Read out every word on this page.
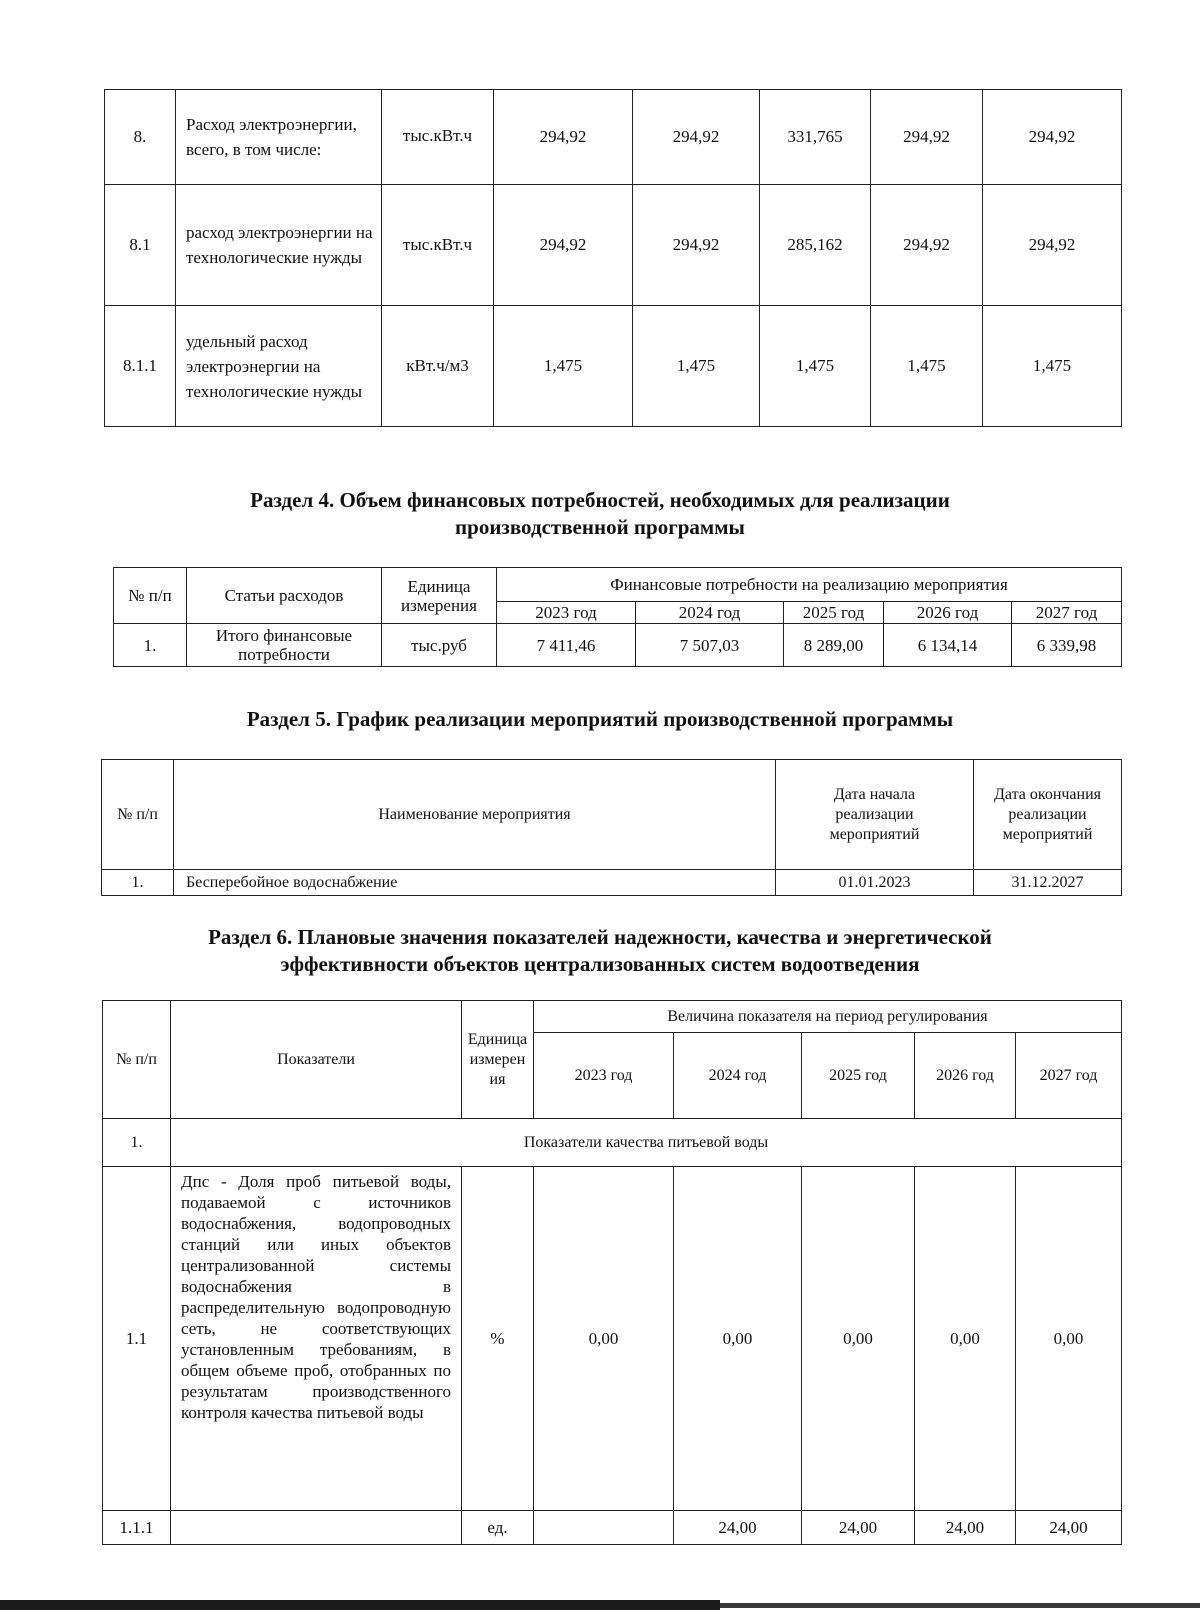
8.	Расход электроэнергии, всего, в том числе:	тыс.кВт.ч	294,92	294,92	331,765	294,92	294,92
8.1	расход электроэнергии на технологические нужды	тыс.кВт.ч	294,92	294,92	285,162	294,92	294,92
8.1.1	удельный расход электроэнергии на технологические нужды	кВт.ч/м3	1,475	1,475	1,475	1,475	1,475
Раздел 4. Объем финансовых потребностей, необходимых для реализации
производственной программы
№ п/п	Статьи расходов	Единица измерения	Финансовые потребности на реализацию мероприятия				
			2023 год	2024 год	2025 год	2026 год	2027 год
1.	Итого финансовые потребности	тыс.руб	7 411,46	7 507,03	8 289,00	6 134,14	6 339,98
Раздел 5. График реализации мероприятий производственной программы
№ п/п	Наименование мероприятия	Дата начала реализации мероприятий	Дата окончания реализации мероприятий
1.	Бесперебойное водоснабжение	01.01.2023	31.12.2027
Раздел 6. Плановые значения показателей надежности, качества и энергетической
эффективности объектов централизованных систем водоотведения
№ п/п	Показатели	Единица измерения	Величина показателя на период регулирования				
			2023 год	2024 год	2025 год	2026 год	2027 год
1.	Показатели качества питьевой воды						
1.1	Дпс - Доля проб питьевой воды, подаваемой с источников водоснабжения, водопроводных станций или иных объектов централизованной системы водоснабжения в распределительную водопроводную сеть, не соответствующих установленным требованиям, в общем объеме проб, отобранных по результатам производственного контроля качества питьевой воды	%	0,00	0,00	0,00	0,00	0,00
1.1.1		ед.		24,00	24,00	24,00	24,00
